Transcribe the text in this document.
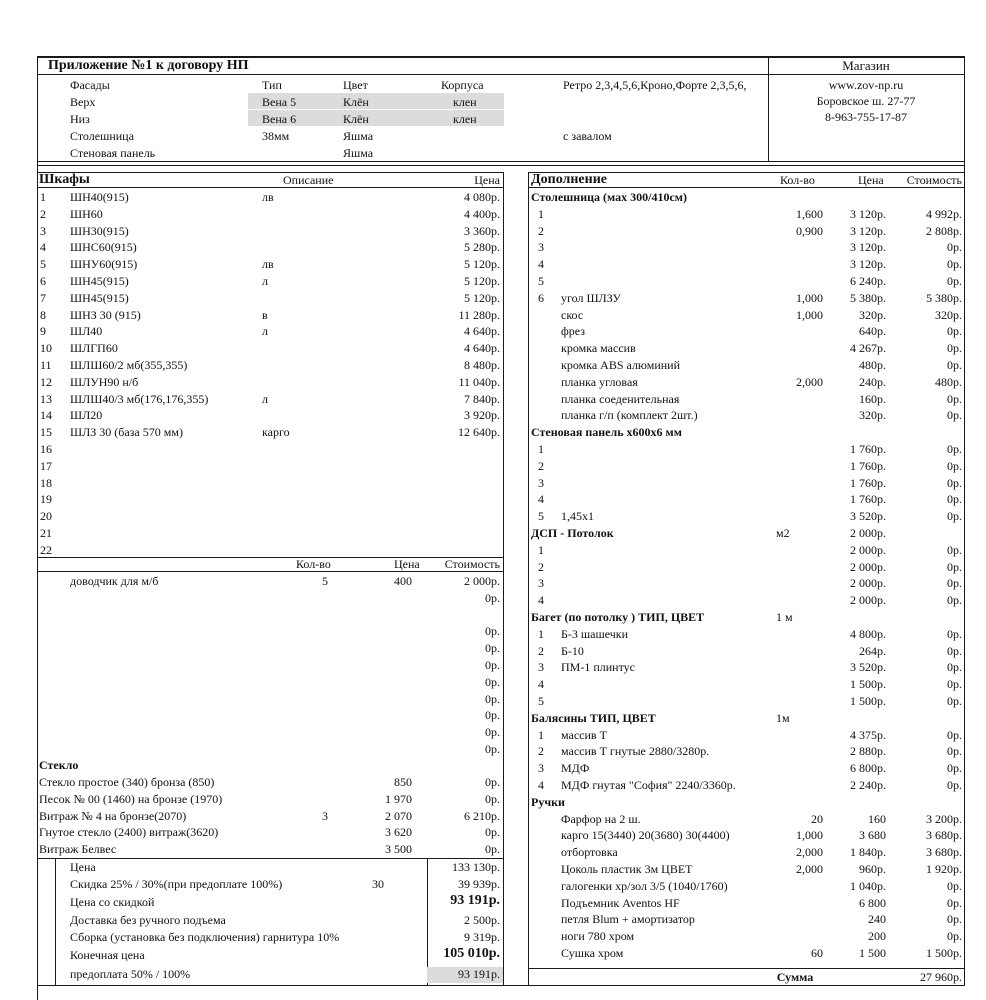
Приложение №1 к договору НП
Фасады	Тип	Цвет	Корпуса	Ретро 2,3,4,5,6,Кроно,Форте 2,3,5,6,
Верх	Вена 5	Клён	клен
Низ	Вена 6	Клён	клен
Столешница	38мм	Яшма	с завалом
Стеновая панель	Яшма
Магазин
www.zov-np.ru
Боровское ш. 27-77
8-963-755-17-87
Шкафы	Описание	Цена
1	ШН40(915)	лв	4 080р.
2	ШН60	4 400р.
3	ШН30(915)	3 360р.
4	ШНС60(915)	5 280р.
5	ШНУ60(915)	лв	5 120р.
6	ШН45(915)	л	5 120р.
7	ШН45(915)	5 120р.
8	ШНЗ 30 (915)	в	11 280р.
9	ШЛ40	л	4 640р.
10	ШЛГП60	4 640р.
11	ШЛШ60/2 мб(355,355)	8 480р.
12	ШЛУН90 н/б	11 040р.
13	ШЛШ40/3 мб(176,176,355)	л	7 840р.
14	ШЛ20	3 920р.
15	ШЛЗ 30 (база 570 мм)	карго	12 640р.
16
17
18
19
20
21
22
Кол-во	Цена	Стоимость
доводчик для м/б	5	400	2 000р.
0р.
0р.
0р.
0р.
0р.
0р.
0р.
0р.
0р.
Стекло
Стекло простое (340) бронза (850)	850	0р.
Песок № 00 (1460) на бронзе (1970)	1 970	0р.
Витраж № 4 на бронзе(2070)	3	2 070	6 210р.
Гнутое стекло (2400) витраж(3620)	3 620	0р.
Витраж Белвес	3 500	0р.
Цена	133 130р.
Скидка 25% / 30%(при предоплате 100%)	30	39 939р.
Цена со скидкой	93 191р.
Доставка без ручного подъема	2 500р.
Сборка (установка без подключения) гарнитура 10%	9 319р.
Конечная цена	105 010р.
предоплата 50% / 100%	93 191р.
Дополнение	Кол-во	Цена	Стоимость
Столешница (мах 300/410см)
1	1,600	3 120р.	4 992р.
2	0,900	3 120р.	2 808р.
3	3 120р.	0р.
4	3 120р.	0р.
5	6 240р.	0р.
6	угол ШЛЗУ	1,000	5 380р.	5 380р.
скос	1,000	320р.	320р.
фрез	640р.	0р.
кромка массив	4 267р.	0р.
кромка ABS алюминий	480р.	0р.
планка угловая	2,000	240р.	480р.
планка соеденительная	160р.	0р.
планка г/п (комплект 2шт.)	320р.	0р.
Стеновая панель х600х6 мм
1	1 760р.	0р.
2	1 760р.	0р.
3	1 760р.	0р.
4	1 760р.	0р.
5	1,45x1	3 520р.	0р.
ДСП - Потолок	м2	2 000р.
1	2 000р.	0р.
2	2 000р.	0р.
3	2 000р.	0р.
4	2 000р.	0р.
Багет (по потолку ) ТИП, ЦВЕТ	1 м
1	Б-3 шашечки	4 800р.	0р.
2	Б-10	264р.	0р.
3	ПМ-1 плинтус	3 520р.	0р.
4	1 500р.	0р.
5	1 500р.	0р.
Балясины ТИП, ЦВЕТ	1м
1	массив Т	4 375р.	0р.
2	массив Т гнутые 2880/3280р.	2 880р.	0р.
3	МДФ	6 800р.	0р.
4	МДФ гнутая "София" 2240/3360р.	2 240р.	0р.
Ручки
Фарфор на 2 ш.	20	160	3 200р.
карго 15(3440) 20(3680) 30(4400)	1,000	3 680	3 680р.
отбортовка	2,000	1 840р.	3 680р.
Цоколь пластик 3м ЦВЕТ	2,000	960р.	1 920р.
галогенки хр/зол 3/5 (1040/1760)	1 040р.	0р.
Подъемник Aventos HF	6 800	0р.
петля Blum + амортизатор	240	0р.
ноги 780 хром	200	0р.
Сушка хром	60	1 500	1 500р.
Сумма	27 960р.
